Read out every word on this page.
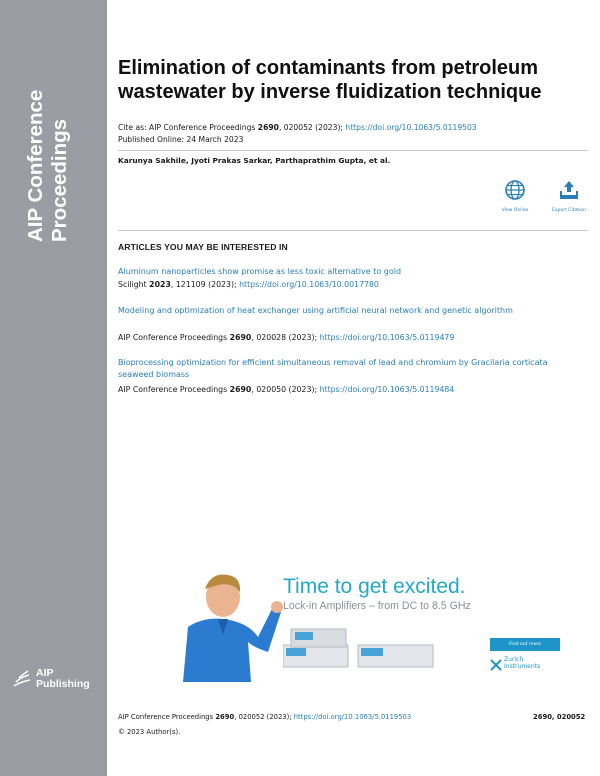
AIP Conference Proceedings
AIP
Publishing
Elimination of contaminants from petroleum wastewater by inverse fluidization technique
Cite as: AIP Conference Proceedings 2690, 020052 (2023); https://doi.org/10.1063/5.0119503
Published Online: 24 March 2023
Karunya Sakhile, Jyoti Prakas Sarkar, Parthaprathim Gupta, et al.
View Online	Export Citation
ARTICLES YOU MAY BE INTERESTED IN
Aluminum nanoparticles show promise as less toxic alternative to gold
Scilight 2023, 121109 (2023); https://doi.org/10.1063/10.0017780
Modeling and optimization of heat exchanger using artificial neural network and genetic algorithm
AIP Conference Proceedings 2690, 020028 (2023); https://doi.org/10.1063/5.0119479
Bioprocessing optimization for efficient simultaneous removal of lead and chromium by Gracilaria corticata seaweed biomass
AIP Conference Proceedings 2690, 020050 (2023); https://doi.org/10.1063/5.0119484
Time to get excited.
Lock-in Amplifiers – from DC to 8.5 GHz
Find out more
Zurich
Instruments
AIP Conference Proceedings 2690, 020052 (2023); https://doi.org/10.1063/5.0119503	2690, 020052
© 2023 Author(s).
